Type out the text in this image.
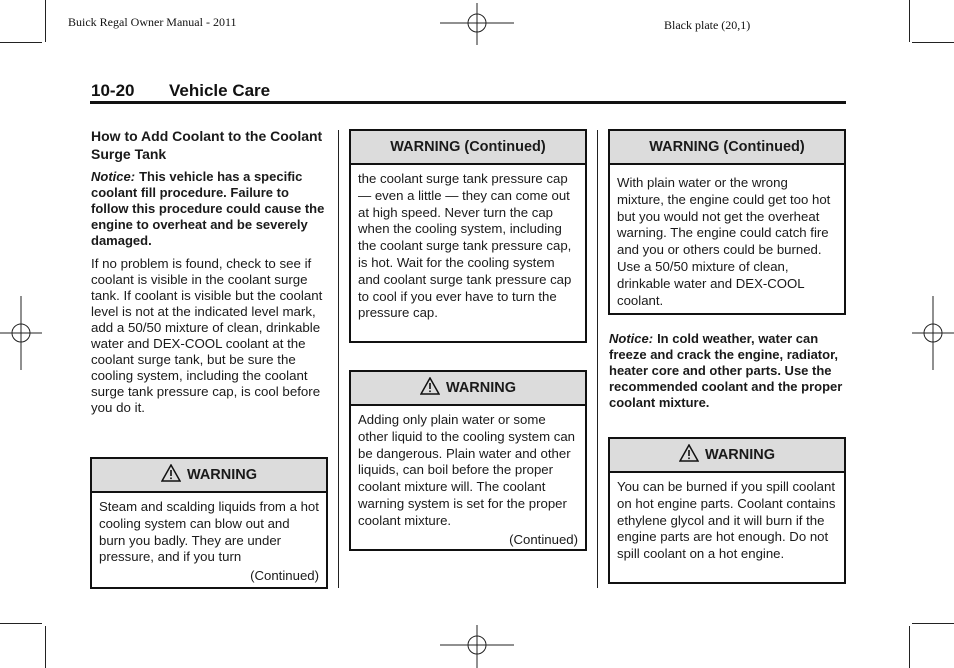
Buick Regal Owner Manual - 2011	Black plate (20,1)
10-20 Vehicle Care
How to Add Coolant to the Coolant Surge Tank
Notice: This vehicle has a specific coolant fill procedure. Failure to follow this procedure could cause the engine to overheat and be severely damaged.

If no problem is found, check to see if coolant is visible in the coolant surge tank. If coolant is visible but the coolant level is not at the indicated level mark, add a 50/50 mixture of clean, drinkable water and DEX-COOL coolant at the coolant surge tank, but be sure the cooling system, including the coolant surge tank pressure cap, is cool before you do it.

WARNING
Steam and scalding liquids from a hot cooling system can blow out and burn you badly. They are under pressure, and if you turn
(Continued)
WARNING (Continued)
the coolant surge tank pressure cap — even a little — they can come out at high speed. Never turn the cap when the cooling system, including the coolant surge tank pressure cap, is hot. Wait for the cooling system and coolant surge tank pressure cap to cool if you ever have to turn the pressure cap.
WARNING
Adding only plain water or some other liquid to the cooling system can be dangerous. Plain water and other liquids, can boil before the proper coolant mixture will. The coolant warning system is set for the proper coolant mixture.
(Continued)
WARNING (Continued)
With plain water or the wrong mixture, the engine could get too hot but you would not get the overheat warning. The engine could catch fire and you or others could be burned. Use a 50/50 mixture of clean, drinkable water and DEX-COOL coolant.
Notice: In cold weather, water can freeze and crack the engine, radiator, heater core and other parts. Use the recommended coolant and the proper coolant mixture.
WARNING
You can be burned if you spill coolant on hot engine parts. Coolant contains ethylene glycol and it will burn if the engine parts are hot enough. Do not spill coolant on a hot engine.
